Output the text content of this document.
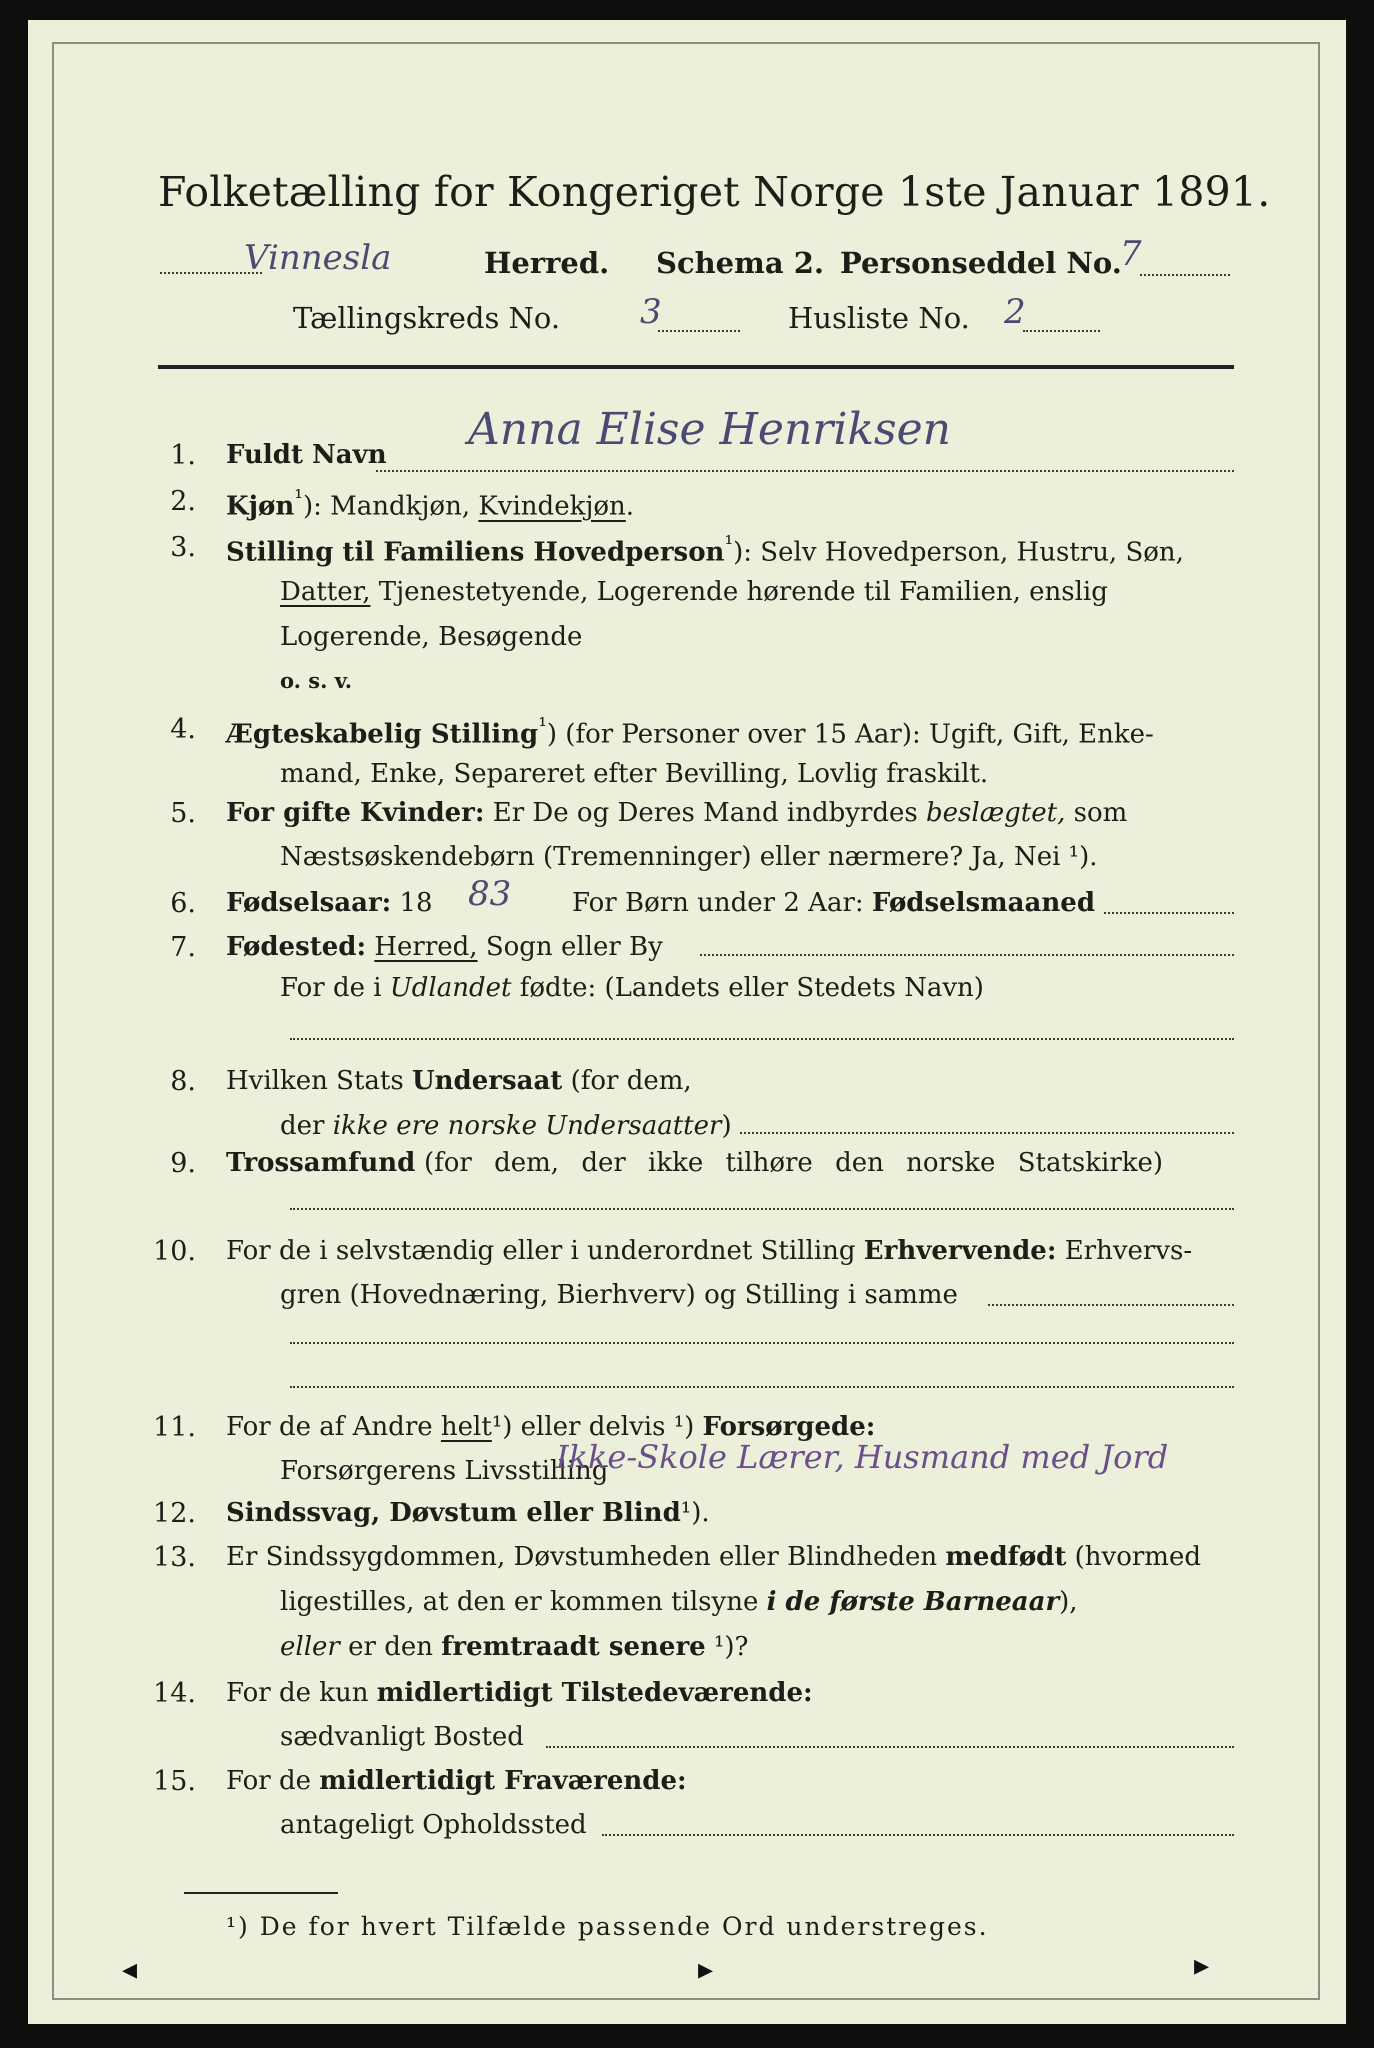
Folketælling for Kongeriget Norge 1ste Januar 1891.
Vinnesla	Herred. Schema 2. Personseddel No.
7
Tællingskreds No. 3	Husliste No. 2
1. Fuldt Navn Anna Elise Henriksen
2. Kjøn$^{^1}$): Mandkjøn, Kvindekjøn.
3. Stilling til Familiens Hovedperson$^{^1}$): Selv Hovedperson, Hustru, Søn,
Datter, Tjenestetyende, Logerende hørende til Familien, enslig
Logerende, Besøgende
o. s. v.
4. Ægteskabelig Stilling$^{^1}$) (for Personer over 15 Aar): Ugift, Gift, Enke-
mand, Enke, Separeret efter Bevilling, Lovlig fraskilt.
5. For gifte Kvinder: Er De og Deres Mand indbyrdes beslægtet, som
Næstsøskendebørn (Tremenninger) eller nærmere? Ja, Nei ¹).
6. Fødselsaar: 18 83 For Børn under 2 Aar: Fødselsmaaned
7. Fødested: Herred, Sogn eller By
For de i Udlandet fødte: (Landets eller Stedets Navn)
8. Hvilken Stats Undersaat (for dem,
der ikke ere norske Undersaatter)
9. Trossamfund (for dem, der ikke tilhøre den norske Statskirke)
10. For de i selvstændig eller i underordnet Stilling Erhvervende: Erhvervs-
gren (Hovednæring, Bierhverv) og Stilling i samme
11. For de af Andre helt¹) eller delvis ¹) Forsørgede:
Forsørgerens Livsstilling
Ikke-Skole Lærer, Husmand med Jord
12. Sindssvag, Døvstum eller Blind¹).
13. Er Sindssygdommen, Døvstumheden eller Blindheden medfødt (hvormed
ligestilles, at den er kommen tilsyne i de første Barneaar),
eller er den fremtraadt senere ¹)?
14. For de kun midlertidigt Tilstedeværende:
sædvanligt Bosted
15. For de midlertidigt Fraværende:
antageligt Opholdssted
¹) De for hvert Tilfælde passende Ord understreges.
◂	▸	▸
